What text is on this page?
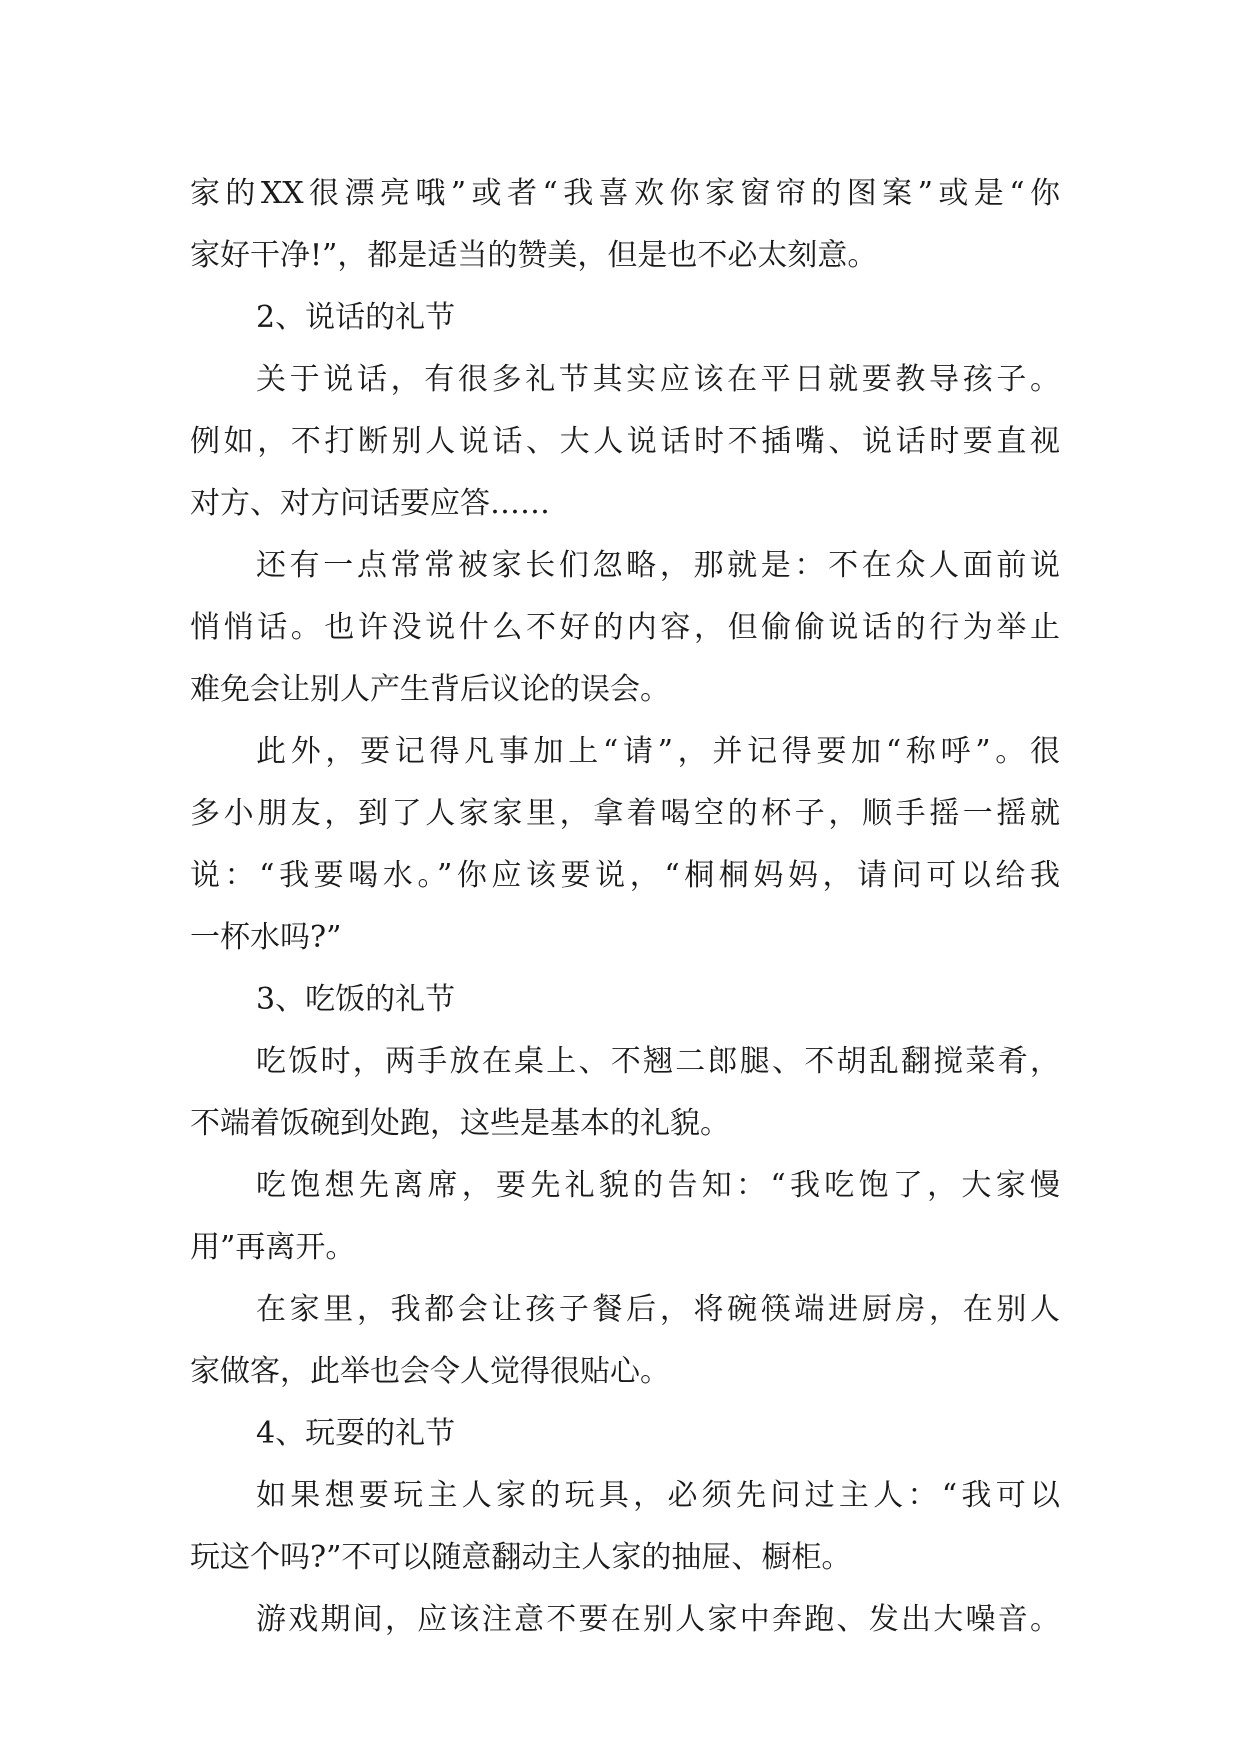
家的XX很漂亮哦”或者“我喜欢你家窗帘的图案”或是“你
家好干净!”，都是适当的赞美，但是也不必太刻意。
2、说话的礼节
关于说话，有很多礼节其实应该在平日就要教导孩子。
例如，不打断别人说话、大人说话时不插嘴、说话时要直视
对方、对方问话要应答……
还有一点常常被家长们忽略，那就是：不在众人面前说
悄悄话。也许没说什么不好的内容，但偷偷说话的行为举止
难免会让别人产生背后议论的误会。
此外，要记得凡事加上“请”，并记得要加“称呼”。很
多小朋友，到了人家家里，拿着喝空的杯子，顺手摇一摇就
说：“我要喝水。”你应该要说，“桐桐妈妈，请问可以给我
一杯水吗?”
3、吃饭的礼节
吃饭时，两手放在桌上、不翘二郎腿、不胡乱翻搅菜肴，
不端着饭碗到处跑，这些是基本的礼貌。
吃饱想先离席，要先礼貌的告知：“我吃饱了，大家慢
用”再离开。
在家里，我都会让孩子餐后，将碗筷端进厨房，在别人
家做客，此举也会令人觉得很贴心。
4、玩耍的礼节
如果想要玩主人家的玩具，必须先问过主人：“我可以
玩这个吗?”不可以随意翻动主人家的抽屉、橱柜。
游戏期间，应该注意不要在别人家中奔跑、发出大噪音。
